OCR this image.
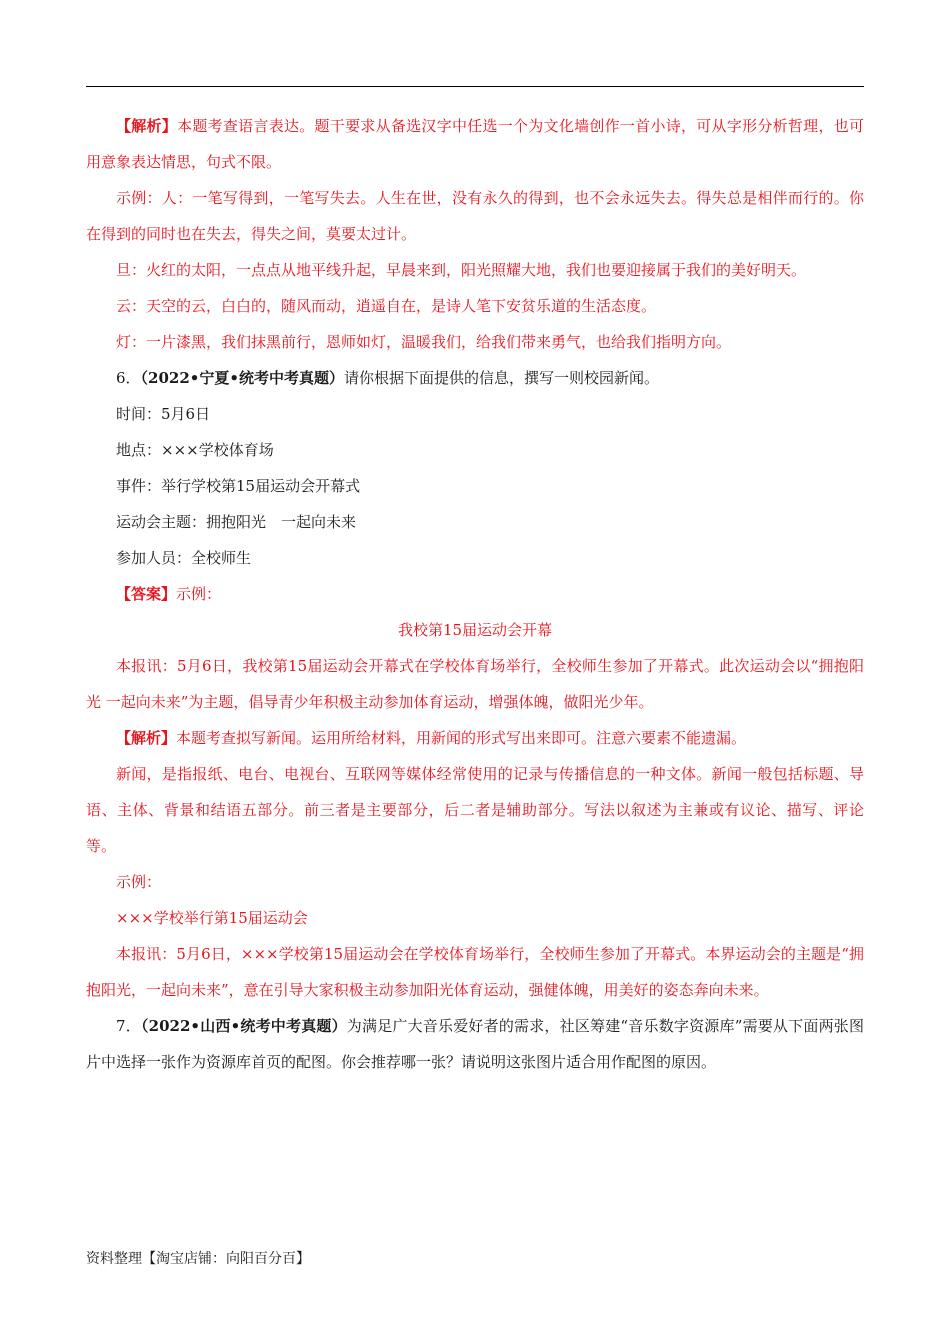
【解析】本题考查语言表达。题干要求从备选汉字中任选一个为文化墙创作一首小诗，可从字形分析哲理，也可用意象表达情思，句式不限。

示例：人：一笔写得到，一笔写失去。人生在世，没有永久的得到，也不会永远失去。得失总是相伴而行的。你在得到的同时也在失去，得失之间，莫要太过计。

旦：火红的太阳，一点点从地平线升起，早晨来到，阳光照耀大地，我们也要迎接属于我们的美好明天。

云：天空的云，白白的，随风而动，逍遥自在，是诗人笔下安贫乐道的生活态度。

灯：一片漆黑，我们抹黑前行，恩师如灯，温暖我们，给我们带来勇气，也给我们指明方向。

6．（2022•宁夏•统考中考真题）请你根据下面提供的信息，撰写一则校园新闻。

时间：5月6日

地点：×××学校体育场

事件：举行学校第15届运动会开幕式

运动会主题：拥抱阳光　一起向未来

参加人员：全校师生

【答案】示例：

我校第15届运动会开幕

本报讯：5月6日，我校第15届运动会开幕式在学校体育场举行，全校师生参加了开幕式。此次运动会以“拥抱阳光 一起向未来”为主题，倡导青少年积极主动参加体育运动，增强体魄，做阳光少年。

【解析】本题考查拟写新闻。运用所给材料，用新闻的形式写出来即可。注意六要素不能遗漏。

新闻，是指报纸、电台、电视台、互联网等媒体经常使用的记录与传播信息的一种文体。新闻一般包括标题、导语、主体、背景和结语五部分。前三者是主要部分，后二者是辅助部分。写法以叙述为主兼或有议论、描写、评论等。

示例：

×××学校举行第15届运动会

本报讯：5月6日，×××学校第15届运动会在学校体育场举行，全校师生参加了开幕式。本界运动会的主题是“拥抱阳光，一起向未来”，意在引导大家积极主动参加阳光体育运动，强健体魄，用美好的姿态奔向未来。

7．（2022•山西•统考中考真题）为满足广大音乐爱好者的需求，社区筹建“音乐数字资源库”需要从下面两张图片中选择一张作为资源库首页的配图。你会推荐哪一张？请说明这张图片适合用作配图的原因。

资料整理【淘宝店铺：向阳百分百】
